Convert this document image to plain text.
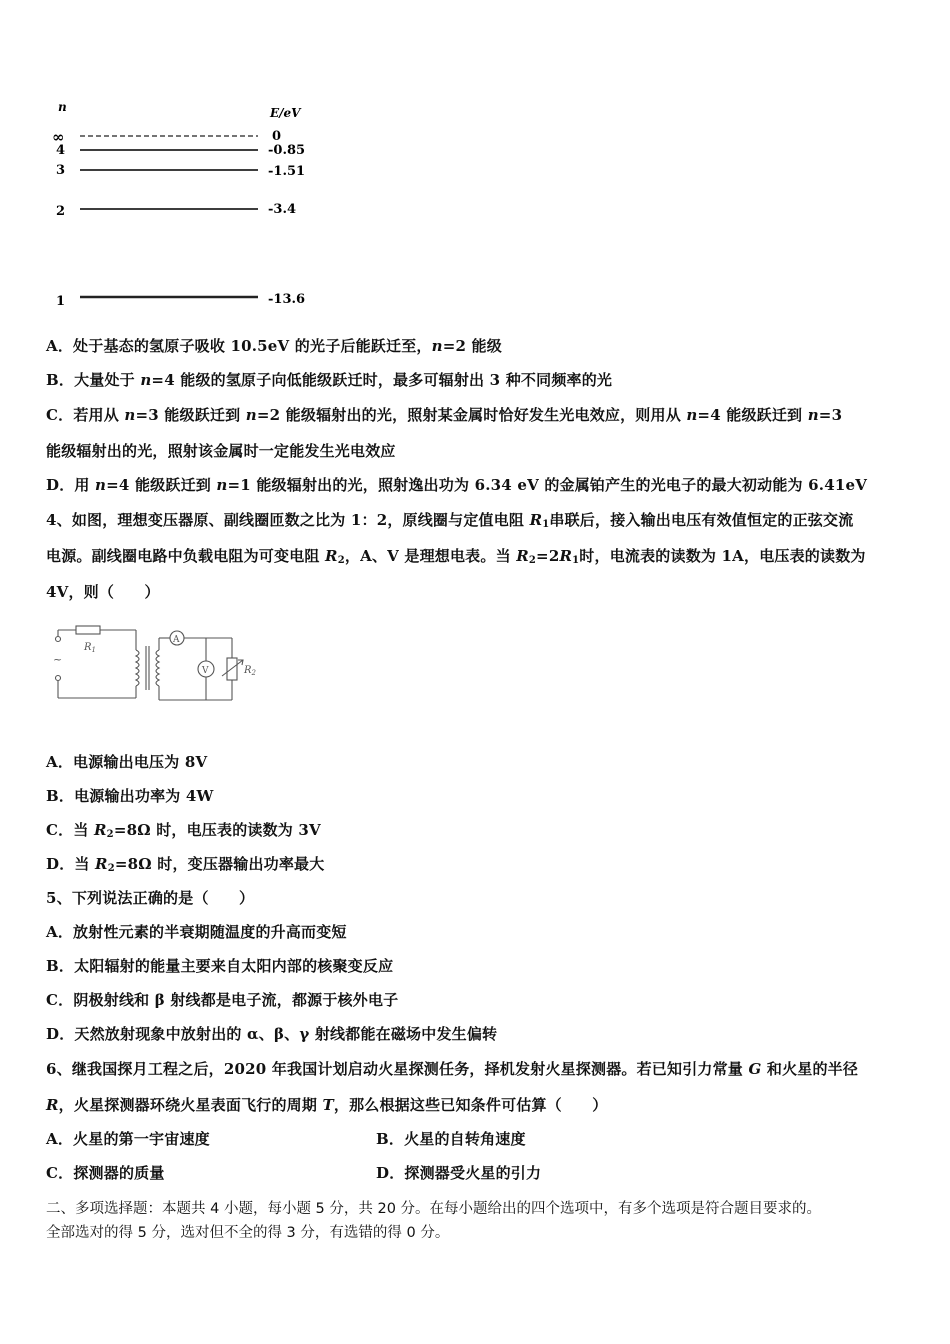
n	E/eV
∞	0
4	-0.85
3	-1.51
2	-3.4
1	-13.6
A．处于基态的氢原子吸收 10.5eV 的光子后能跃迁至，n=2 能级
B．大量处于 n=4 能级的氢原子向低能级跃迁时，最多可辐射出 3 种不同频率的光
C．若用从 n=3 能级跃迁到 n=2 能级辐射出的光，照射某金属时恰好发生光电效应，则用从 n=4 能级跃迁到 n=3
能级辐射出的光，照射该金属时一定能发生光电效应
D．用 n=4 能级跃迁到 n=1 能级辐射出的光，照射逸出功为 6.34 eV 的金属铂产生的光电子的最大初动能为 6.41eV
4、如图，理想变压器原、副线圈匝数之比为 1：2，原线圈与定值电阻 $R_1$串联后，接入输出电压有效值恒定的正弦交流
电源。副线圈电路中负载电阻为可变电阻 $R_2$，A、V 是理想电表。当 $R_2=2R_1$时，电流表的读数为 1A，电压表的读数为
4V，则（　　）
~
$R_1$
A
V	$R_2$
A．电源输出电压为 8V
B．电源输出功率为 4W
C．当 $R_2=8\Omega$ 时，电压表的读数为 3V
D．当 $R_2=8\Omega$ 时，变压器输出功率最大
5、下列说法正确的是（　　）
A．放射性元素的半衰期随温度的升高而变短
B．太阳辐射的能量主要来自太阳内部的核聚变反应
C．阴极射线和 β 射线都是电子流，都源于核外电子
D．天然放射现象中放射出的 α、β、γ 射线都能在磁场中发生偏转
6、继我国探月工程之后，2020 年我国计划启动火星探测任务，择机发射火星探测器。若已知引力常量 G 和火星的半径
R，火星探测器环绕火星表面飞行的周期 T，那么根据这些已知条件可估算（　　）
A．火星的第一宇宙速度	B．火星的自转角速度
C．探测器的质量	D．探测器受火星的引力
二、多项选择题：本题共 4 小题，每小题 5 分，共 20 分。在每小题给出的四个选项中，有多个选项是符合题目要求的。
全部选对的得 5 分，选对但不全的得 3 分，有选错的得 0 分。
